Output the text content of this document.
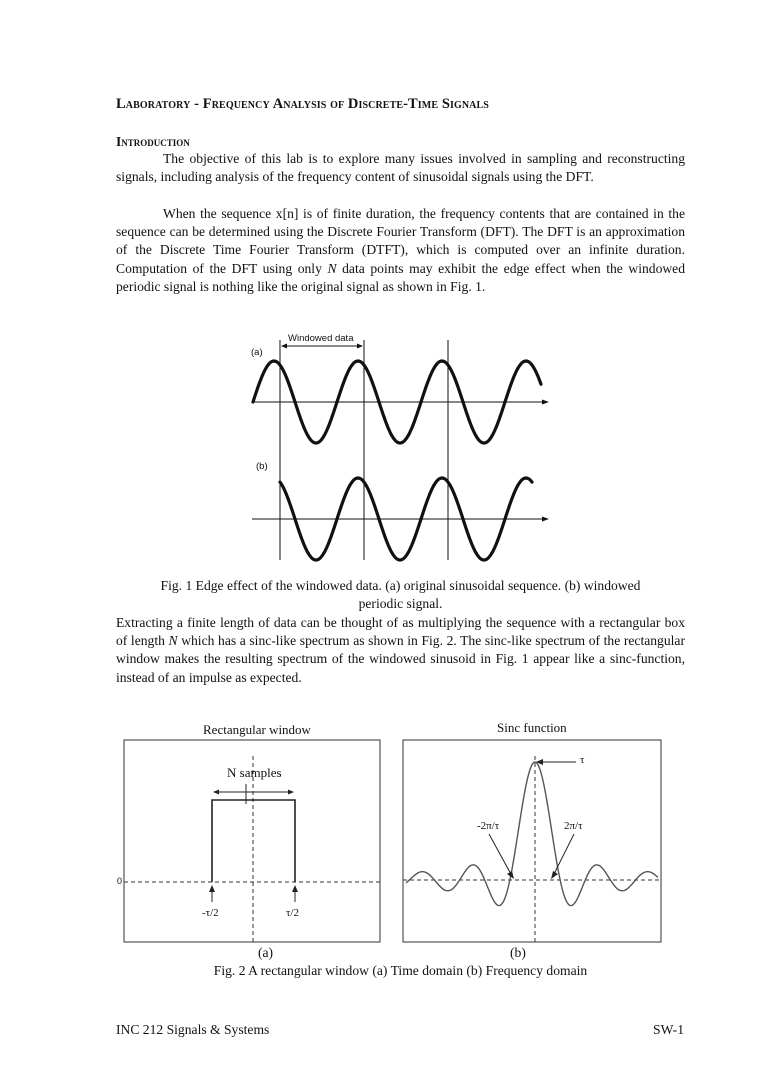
Laboratory - Frequency Analysis of Discrete-Time Signals

Introduction

The objective of this lab is to explore many issues involved in sampling and reconstructing signals, including analysis of the frequency content of sinusoidal signals using the DFT.

When the sequence x[n] is of finite duration, the frequency contents that are contained in the sequence can be determined using the Discrete Fourier Transform (DFT). The DFT is an approximation of the Discrete Time Fourier Transform (DTFT), which is computed over an infinite duration. Computation of the DFT using only N data points may exhibit the edge effect when the windowed periodic signal is nothing like the original signal as shown in Fig. 1.

Windowed data
(a)
(b)

Fig. 1 Edge effect of the windowed data. (a) original sinusoidal sequence. (b) windowed
periodic signal.

Extracting a finite length of data can be thought of as multiplying the sequence with a rectangular box of length N which has a sinc-like spectrum as shown in Fig. 2. The sinc-like spectrum of the rectangular window makes the resulting spectrum of the windowed sinusoid in Fig. 1 appear like a sinc-function, instead of an impulse as expected.

Rectangular window
N samples
0
-τ/2	τ/2
Sinc function
τ
-2π/τ	2π/τ
(a)	(b)

Fig. 2 A rectangular window (a) Time domain (b) Frequency domain

INC 212 Signals & Systems	SW-1
